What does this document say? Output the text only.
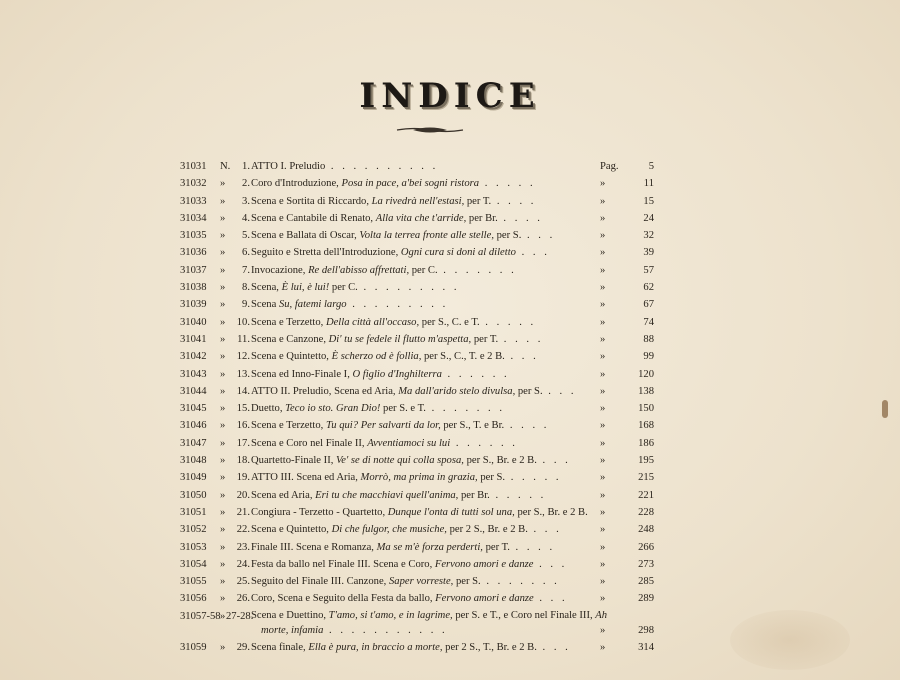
INDICE
31031	N.	1. ATTO I. Preludio . . . . . . . . . .	Pag.	5
31032	»	2. Coro d'Introduzione, Posa in pace, a'bei sogni ristora . . . . .	»	11
31033	»	3. Scena e Sortita di Riccardo, La rivedrà nell'estasi, per T. . . . .	»	15
31034	»	4. Scena e Cantabile di Renato, Alla vita che t'arride, per Br. . . . .	»	24
31035	»	5. Scena e Ballata di Oscar, Volta la terrea fronte alle stelle, per S. . . .	»	32
31036	»	6. Seguito e Stretta dell'Introduzione, Ogni cura si doni al diletto . . .	»	39
31037	»	7. Invocazione, Re dell'abisso affrettati, per C. . . . . . . .	»	57
31038	»	8. Scena, È lui, è lui! per C. . . . . . . . . .	»	62
31039	»	9. Scena Su, fatemi largo . . . . . . . . .	»	67
31040	»	10. Scena e Terzetto, Della città all'occaso, per S., C. e T. . . . . .	»	74
31041	»	11. Scena e Canzone, Di' tu se fedele il flutto m'aspetta, per T. . . . .	»	88
31042	»	12. Scena e Quintetto, È scherzo od è follia, per S., C., T. e 2 B. . . .	»	99
31043	»	13. Scena ed Inno-Finale I, O figlio d'Inghilterra . . . . . .	»	120
31044	»	14. ATTO II. Preludio, Scena ed Aria, Ma dall'arido stelo divulsa, per S. . . . »	138
31045	»	15. Duetto, Teco io sto. Gran Dio! per S. e T. . . . . . . .	»	150
31046	»	16. Scena e Terzetto, Tu qui? Per salvarti da lor, per S., T. e Br. . . . .	»	168
31047	»	17. Scena e Coro nel Finale II, Avventiamoci su lui . . . . . .	»	186
31048	»	18. Quartetto-Finale II, Ve' se di notte qui colla sposa, per S., Br. e 2 B. . . .	»	195
31049	»	19. ATTO III. Scena ed Aria, Morrò, ma prima in grazia, per S. . . . . .	»	215
31050	»	20. Scena ed Aria, Eri tu che macchiavi quell'anima, per Br. . . . . .	»	221
31051	»	21. Congiura - Terzetto - Quartetto, Dunque l'onta di tutti sol una, per S., Br. e 2 B. »	228
31052	»	22. Scena e Quintetto, Di che fulgor, che musiche, per 2 S., Br. e 2 B. . . .	»	248
31053	»	23. Finale III. Scena e Romanza, Ma se m'è forza perderti, per T. . . . .	»	266
31054	»	24. Festa da ballo nel Finale III. Scena e Coro, Fervono amori e danze . . .	»	273
31055	»	25. Seguito del Finale III. Canzone, Saper vorreste, per S. . . . . . . .	»	285
31056	»	26. Coro, Scena e Seguito della Festa da ballo, Fervono amori e danze . . .	»	289
31057-58 » 27-28.
Scena e Duettino, T'amo, si t'amo, e in lagrime, per S. e T., e Coro nel Finale III, Ah
morte, infamia . . . . . . . . . . .	»	298
31059	»	29. Scena finale, Ella è pura, in braccio a morte, per 2 S., T., Br. e 2 B. . . .	»	314
